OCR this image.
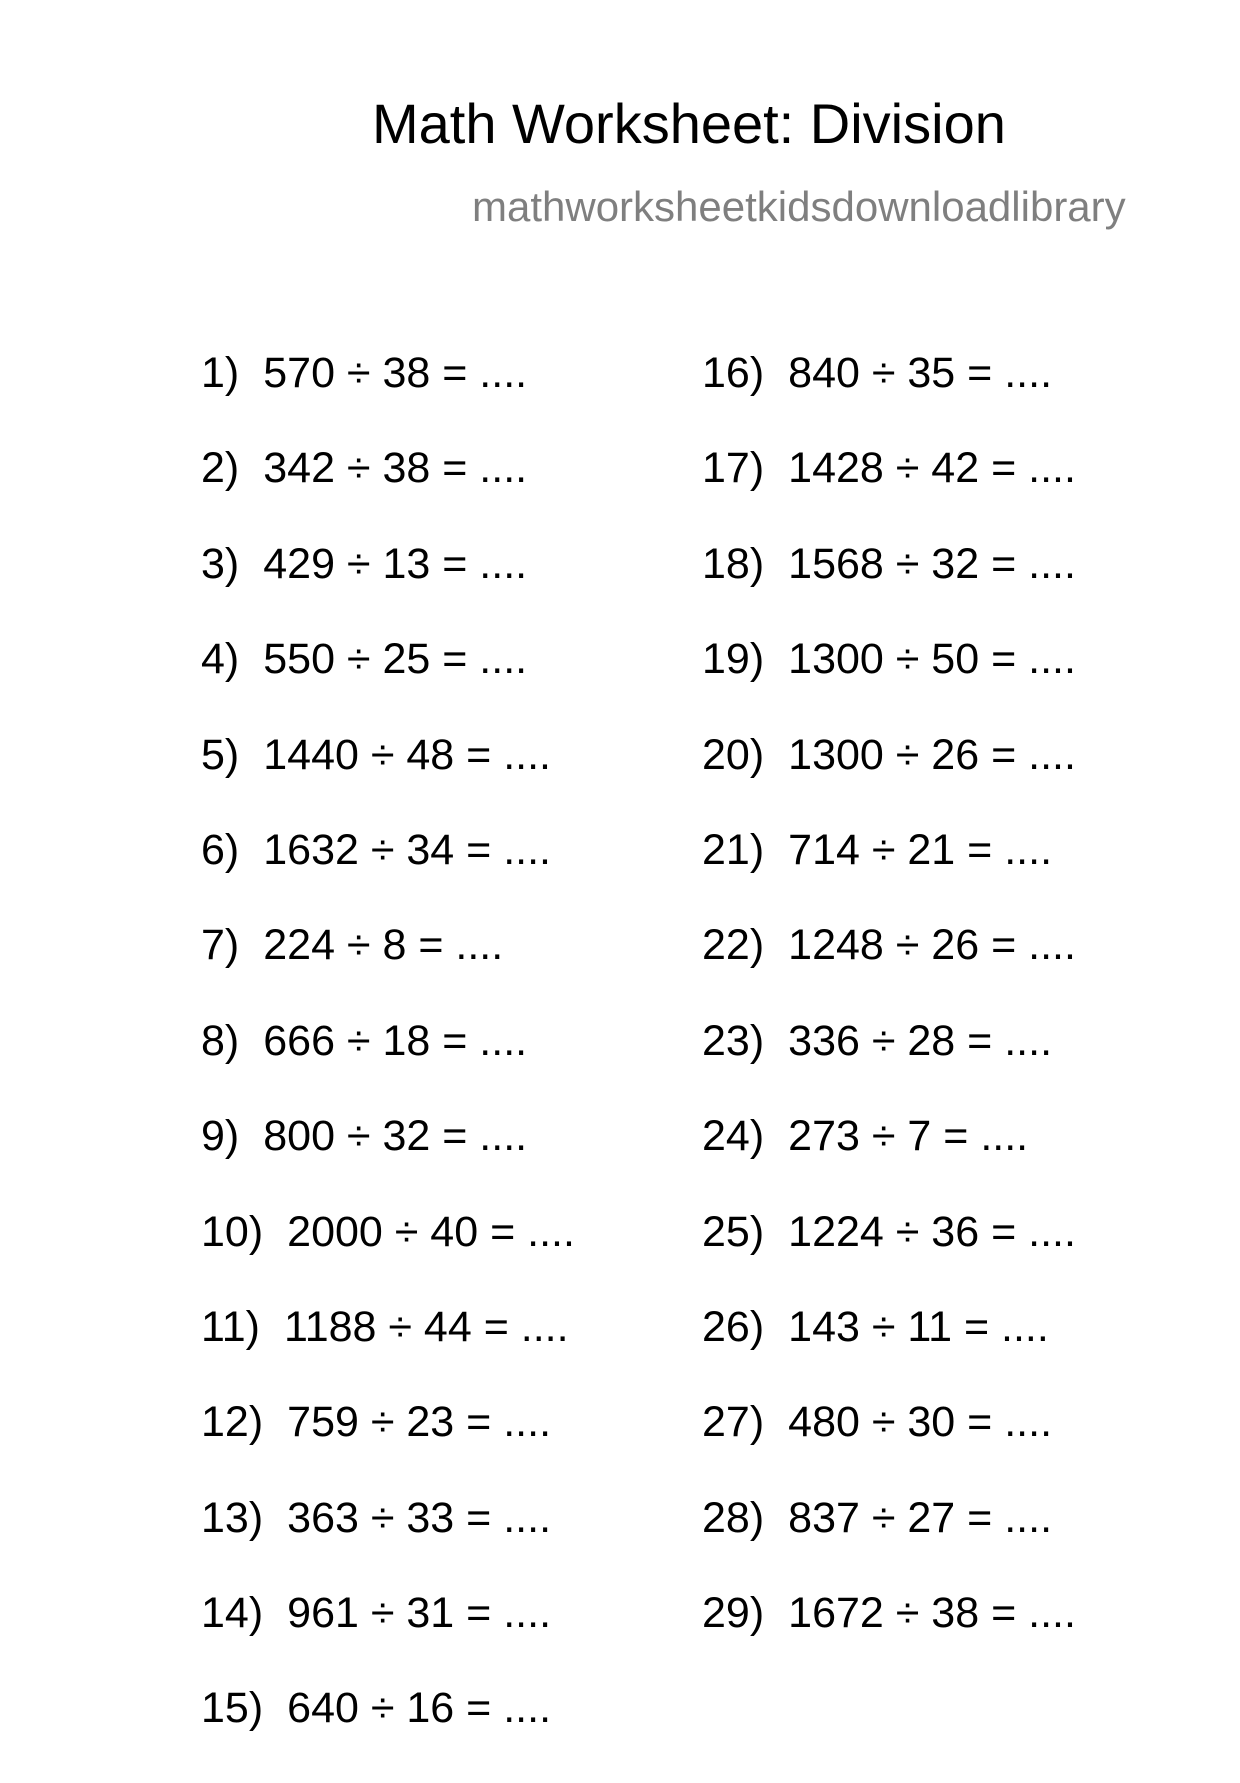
Math Worksheet: Division
mathworksheetkidsdownloadlibrary
1) 570 ÷ 38 = ....
2) 342 ÷ 38 = ....
3) 429 ÷ 13 = ....
4) 550 ÷ 25 = ....
5) 1440 ÷ 48 = ....
6) 1632 ÷ 34 = ....
7) 224 ÷ 8 = ....
8) 666 ÷ 18 = ....
9) 800 ÷ 32 = ....
10) 2000 ÷ 40 = ....
11) 1188 ÷ 44 = ....
12) 759 ÷ 23 = ....
13) 363 ÷ 33 = ....
14) 961 ÷ 31 = ....
15) 640 ÷ 16 = ....
16) 840 ÷ 35 = ....
17) 1428 ÷ 42 = ....
18) 1568 ÷ 32 = ....
19) 1300 ÷ 50 = ....
20) 1300 ÷ 26 = ....
21) 714 ÷ 21 = ....
22) 1248 ÷ 26 = ....
23) 336 ÷ 28 = ....
24) 273 ÷ 7 = ....
25) 1224 ÷ 36 = ....
26) 143 ÷ 11 = ....
27) 480 ÷ 30 = ....
28) 837 ÷ 27 = ....
29) 1672 ÷ 38 = ....
